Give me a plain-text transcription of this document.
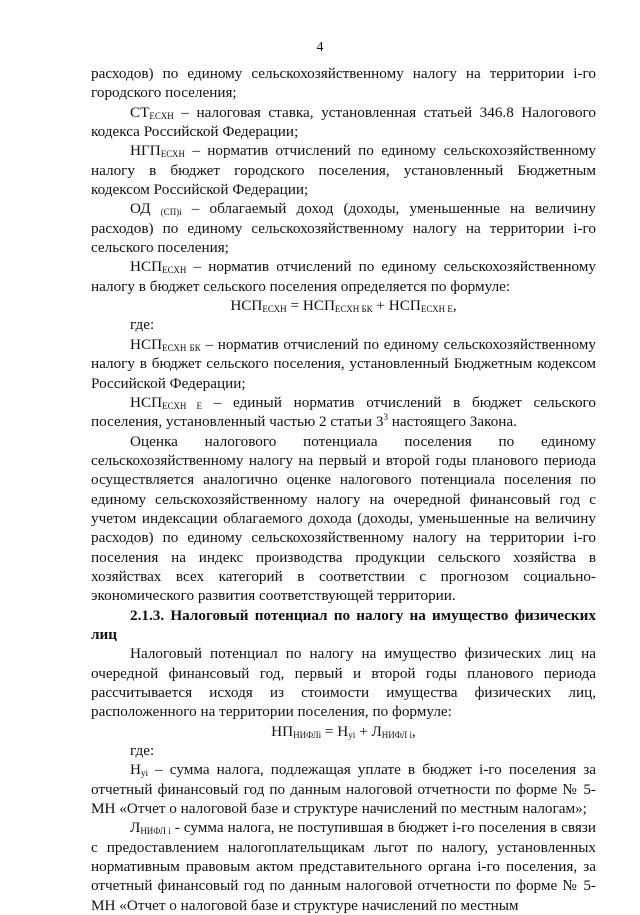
4

расходов) по единому сельскохозяйственному налогу на территории i-го городского поселения;

$СТ_{ЕСХН}$ – налоговая ставка, установленная статьей 346.8 Налогового кодекса Российской Федерации;

$НГП_{ЕСХН}$ – норматив отчислений по единому сельскохозяйственному налогу в бюджет городского поселения, установленный Бюджетным кодексом Российской Федерации;

ОД $_{(СП)i}$ – облагаемый доход (доходы, уменьшенные на величину расходов) по единому сельскохозяйственному налогу на территории i-го сельского поселения;

$НСП_{ЕСХН}$ – норматив отчислений по единому сельскохозяйственному налогу в бюджет сельского поселения определяется по формуле:

$НСП_{ЕСХН} = НСП_{ЕСХН БК} + НСП_{ЕСХН Е}$,

где:

$НСП_{ЕСХН БК}$ – норматив отчислений по единому сельскохозяйственному налогу в бюджет сельского поселения, установленный Бюджетным кодексом Российской Федерации;

$НСП_{ЕСХН Е}$ – единый норматив отчислений в бюджет сельского поселения, установленный частью 2 статьи $3^3$ настоящего Закона.

Оценка налогового потенциала поселения по единому сельскохозяйственному налогу на первый и второй годы планового периода осуществляется аналогично оценке налогового потенциала поселения по единому сельскохозяйственному налогу на очередной финансовый год с учетом индексации облагаемого дохода (доходы, уменьшенные на величину расходов) по единому сельскохозяйственному налогу на территории i-го поселения на индекс производства продукции сельского хозяйства в хозяйствах всех категорий в соответствии с прогнозом социально-экономического развития соответствующей территории.

2.1.3. Налоговый потенциал по налогу на имущество физических лиц

Налоговый потенциал по налогу на имущество физических лиц на очередной финансовый год, первый и второй годы планового периода рассчитывается исходя из стоимости имущества физических лиц, расположенного на территории поселения, по формуле:

$НП_{НИФЛi} = Н_{уi} + Л_{НИФЛ i}$,

где:

$Н_{уi}$ – сумма налога, подлежащая уплате в бюджет i-го поселения за отчетный финансовый год по данным налоговой отчетности по форме № 5-МН «Отчет о налоговой базе и структуре начислений по местным налогам»;

$Л_{НИФЛ i}$ - сумма налога, не поступившая в бюджет i-го поселения в связи с предоставлением налогоплательщикам льгот по налогу, установленных нормативным правовым актом представительного органа i-го поселения, за отчетный финансовый год по данным налоговой отчетности по форме № 5-МН «Отчет о налоговой базе и структуре начислений по местным
